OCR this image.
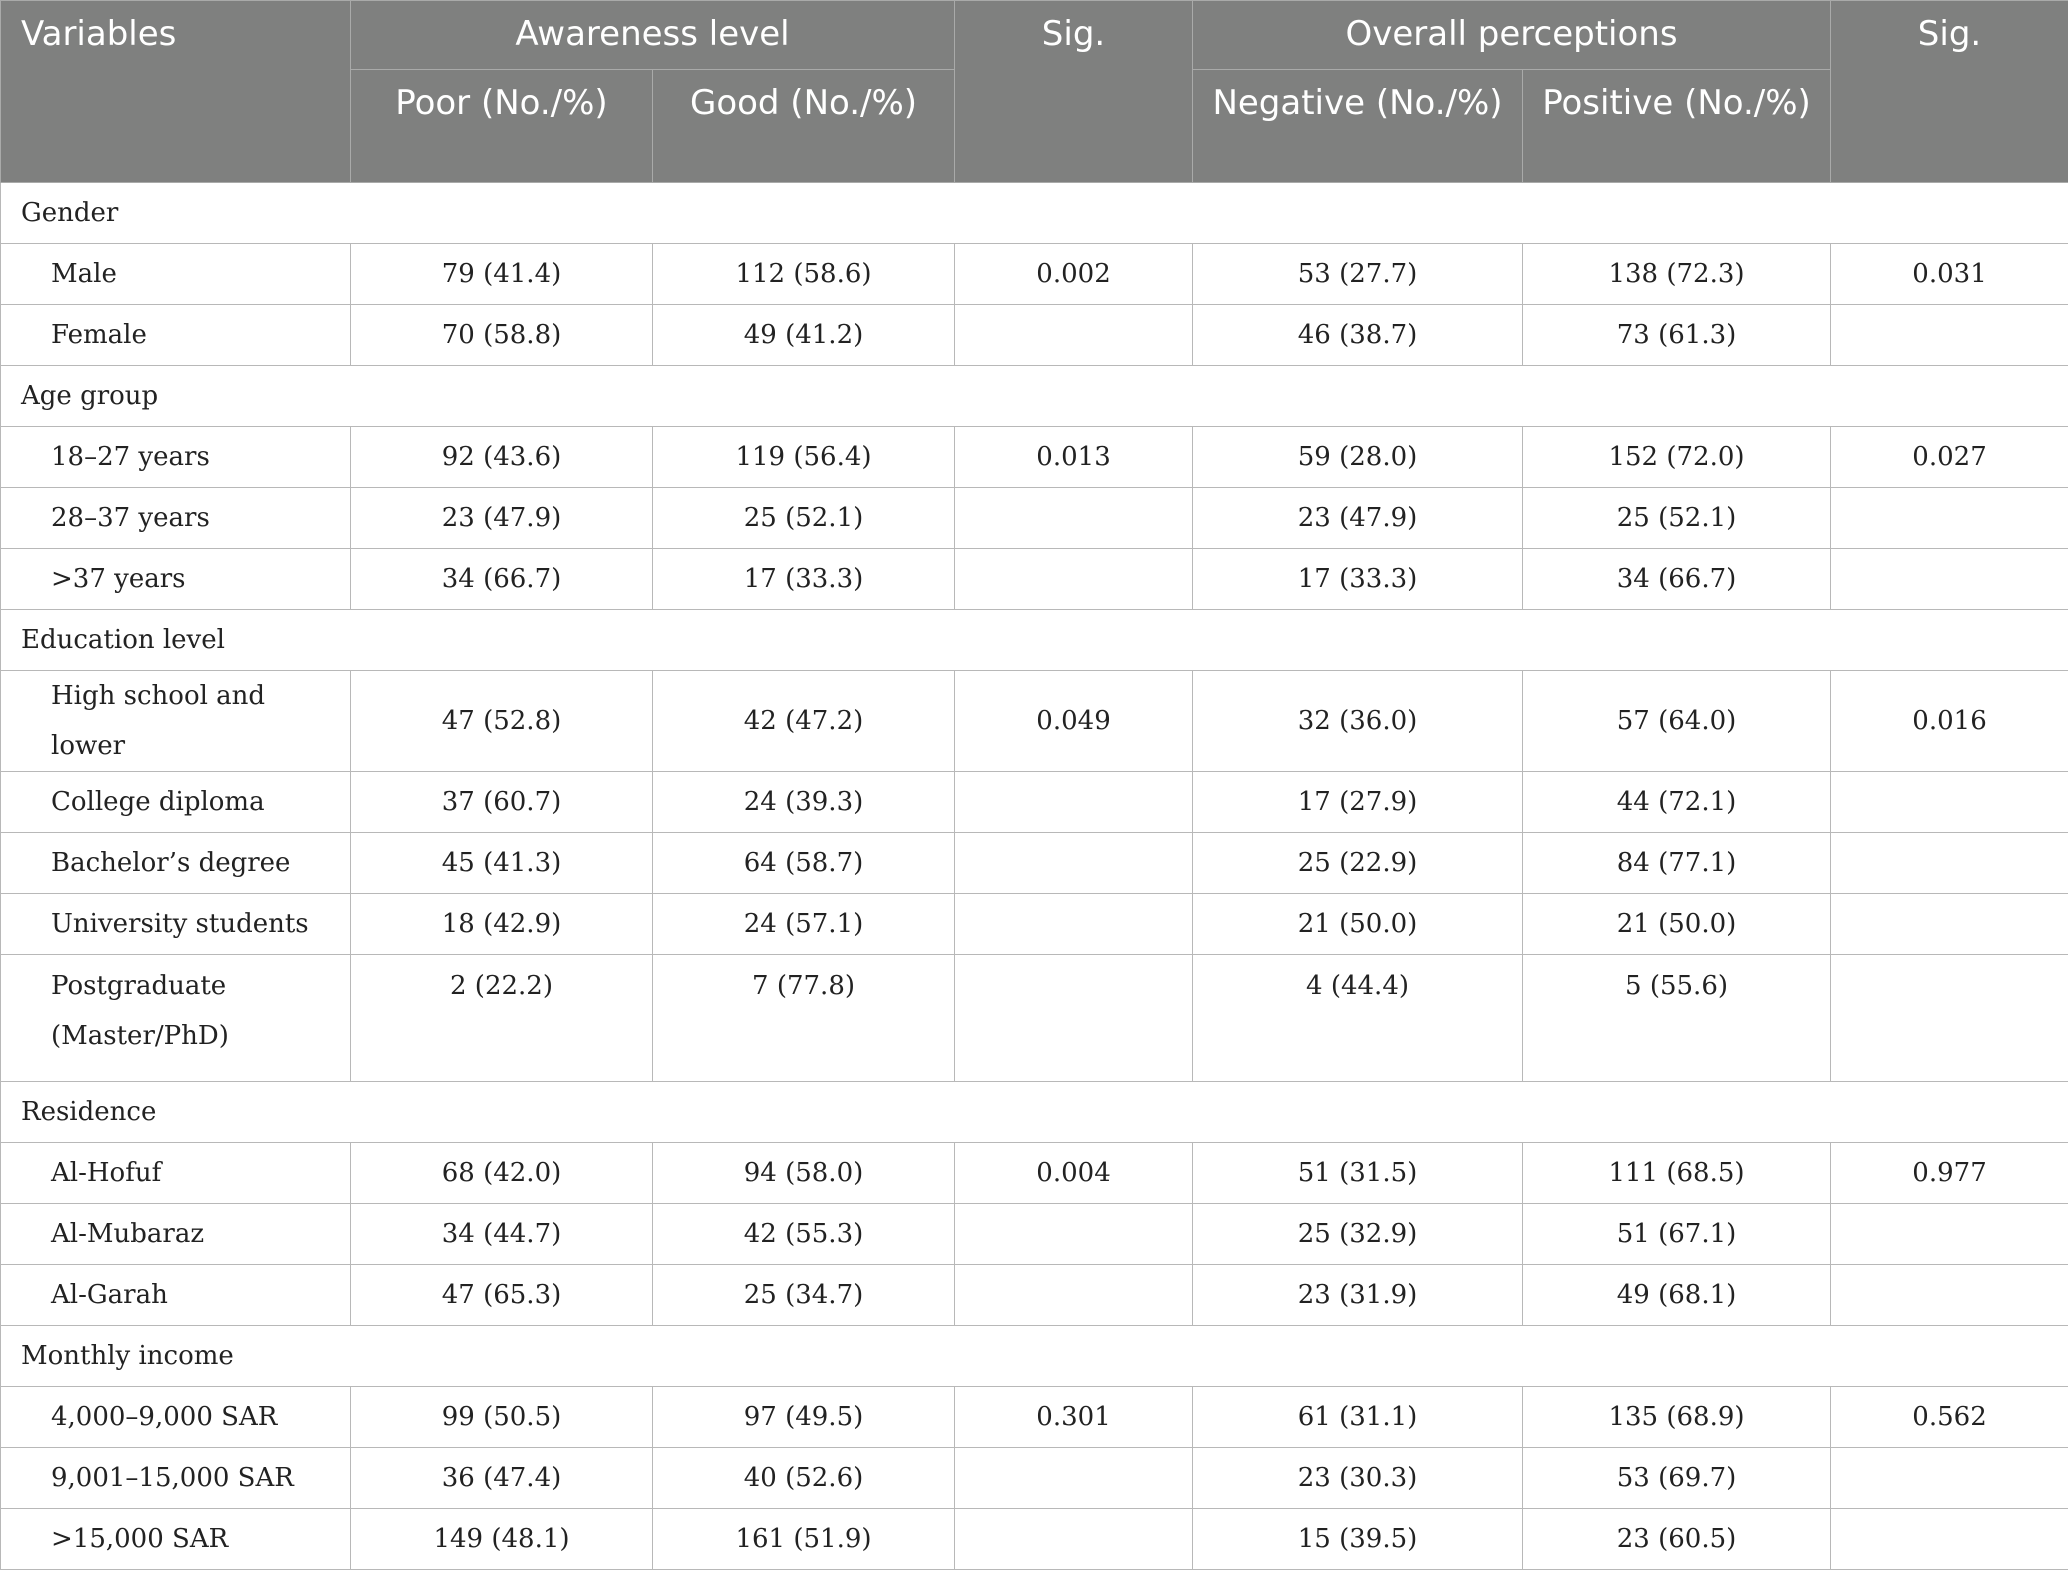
Variables	Awareness level		Sig.	Overall perceptions		Sig.
	Poor (No./%)	Good (No./%)		Negative (No./%)	Positive (No./%)	
Gender						
Male	79 (41.4)	112 (58.6)	0.002	53 (27.7)	138 (72.3)	0.031
Female	70 (58.8)	49 (41.2)		46 (38.7)	73 (61.3)	
Age group						
18–27 years	92 (43.6)	119 (56.4)	0.013	59 (28.0)	152 (72.0)	0.027
28–37 years	23 (47.9)	25 (52.1)		23 (47.9)	25 (52.1)	
>37 years	34 (66.7)	17 (33.3)		17 (33.3)	34 (66.7)	
Education level						
High school and lower	47 (52.8)	42 (47.2)	0.049	32 (36.0)	57 (64.0)	0.016
College diploma	37 (60.7)	24 (39.3)		17 (27.9)	44 (72.1)	
Bachelor’s degree	45 (41.3)	64 (58.7)		25 (22.9)	84 (77.1)	
University students	18 (42.9)	24 (57.1)		21 (50.0)	21 (50.0)	
Postgraduate (Master/PhD)	2 (22.2)	7 (77.8)		4 (44.4)	5 (55.6)	
Residence						
Al-Hofuf	68 (42.0)	94 (58.0)	0.004	51 (31.5)	111 (68.5)	0.977
Al-Mubaraz	34 (44.7)	42 (55.3)		25 (32.9)	51 (67.1)	
Al-Garah	47 (65.3)	25 (34.7)		23 (31.9)	49 (68.1)	
Monthly income						
4,000–9,000 SAR	99 (50.5)	97 (49.5)	0.301	61 (31.1)	135 (68.9)	0.562
9,001–15,000 SAR	36 (47.4)	40 (52.6)		23 (30.3)	53 (69.7)	
>15,000 SAR	149 (48.1)	161 (51.9)		15 (39.5)	23 (60.5)	
